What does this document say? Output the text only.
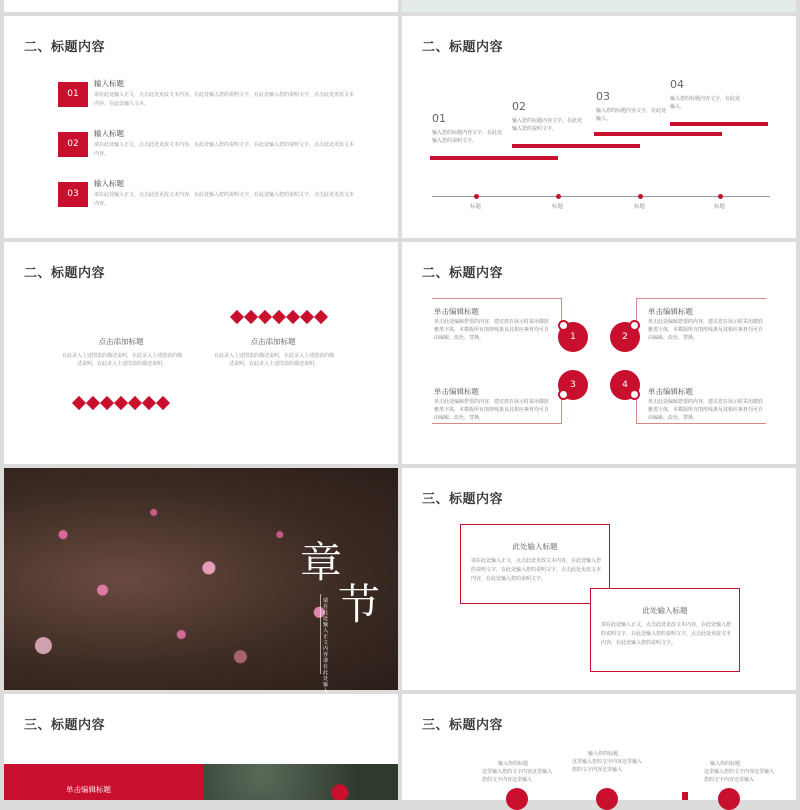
二、标题内容
01
输入标题
请在此处输入正文，点击此处更改文本内容，在此处输入您的说明文字，在此处输入您的说明文字，点击此处更改文本内容，在此处输入文本。
02
输入标题
请在此处输入正文，点击此处更改文本内容，在此处输入您的说明文字，在此处输入您的说明文字，点击此处更改文本内容。
03
输入标题
请在此处输入正文，点击此处更改文本内容，在此处输入您的说明文字，在此处输入您的说明文字，点击此处更改文本内容。
二、标题内容
01
输入您的标题内容文字，在此处输入您的说明文字。
02
输入您的标题内容文字，在此处输入您的说明文字。
03
输入您的标题内容文字，在此处输入。
04
输入您的标题内容文字，在此处输入。
标题	标题	标题	标题
二、标题内容
点击添加标题
在此录入上述图表的描述说明，在此录入上述图表的描述说明，在此录入上述图表的描述说明。
点击添加标题
在此录入上述图表的描述说明，在此录入上述图表的描述说明，在此录入上述图表的描述说明。
二、标题内容
单击编辑标题
单击此处编辑您要的内容，建议您在展示时采用微软雅黑字体，本模版所有图形线条及其相应素材均可自由编辑、改色、替换。
单击编辑标题
单击此处编辑您要的内容，建议您在展示时采用微软雅黑字体，本模版所有图形线条及其相应素材均可自由编辑、改色、替换。
单击编辑标题
单击此处编辑您要的内容，建议您在展示时采用微软雅黑字体，本模版所有图形线条及其相应素材均可自由编辑、改色、替换。
单击编辑标题
单击此处编辑您要的内容，建议您在展示时采用微软雅黑字体，本模版所有图形线条及其相应素材均可自由编辑、改色、替换。
1	2
3	4
章
节
请在此处输入正文内容请在此处输入
三、标题内容
此处输入标题
请在此处输入正文，点击此处更改文本内容，在此处输入您的说明文字，在此处输入您的说明文字，点击此处更改文本内容，在此处输入您的说明文字。
此处输入标题
请在此处输入正文，点击此处更改文本内容，在此处输入您的说明文字，在此处输入您的说明文字，点击此处更改文本内容，在此处输入您的说明文字。
三、标题内容
单击编辑标题
三、标题内容
输入你的标题
这里输入您的文字内容这里输入您的文字内容这里输入
输入你的标题
这里输入您的文字内容这里输入您的文字内容这里输入
输入你的标题
这里输入您的文字内容这里输入您的文字内容这里输入
